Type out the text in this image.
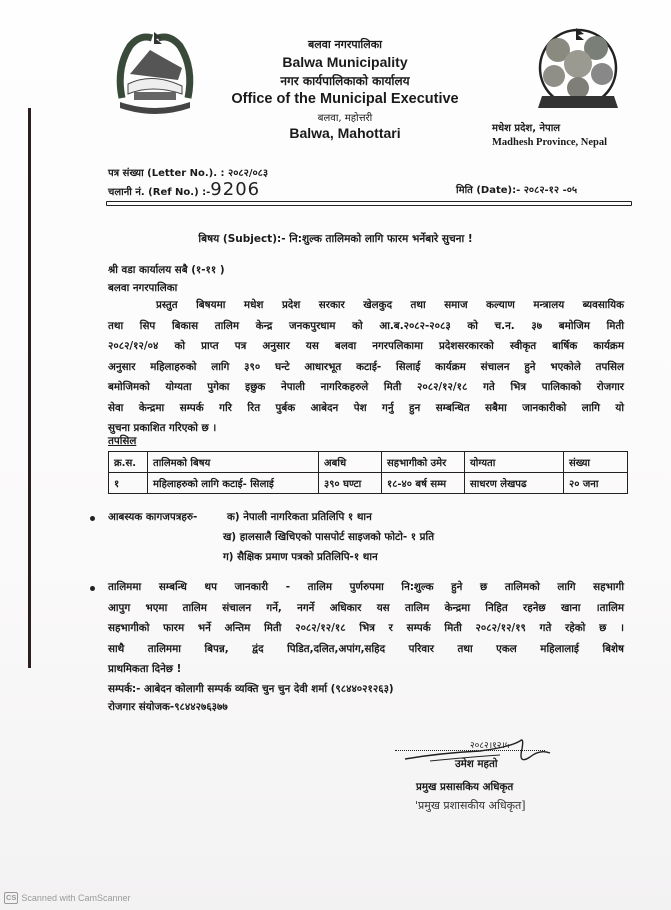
बलवा नगरपालिका
Balwa Municipality
नगर कार्यपालिकाको कार्यालय
Office of the Municipal Executive
बलवा, महोत्तरी
Balwa, Mahottari	मधेश प्रदेश, नेपाल
Madhesh Province, Nepal
पत्र संख्या (Letter No.). : २०८२/०८३
चलानी नं. (Ref No.) :-9206	मिति (Date):- २०८२-१२ -०५
बिषय (Subject):- नि:शुल्क तालिमको लागि फारम भर्नेबारे सुचना !
श्री वडा कार्यालय सबै (१-११ )
बलवा नगरपालिका
प्रस्तुत बिषयमा मधेश प्रदेश सरकार खेलकुद तथा समाज कल्याण मन्त्रालय ब्यवसायिक
तथा सिप बिकास तालिम केन्द्र जनकपुरधाम को आ.ब.२०८२-२०८३ को च.न. ३७ बमोजिम मिती
२०८२/१२/०४ को प्राप्त पत्र अनुसार यस बलवा नगरपलिकामा प्रदेशसरकारको स्वीकृत बार्षिक कार्यक्रम
अनुसार महिलाहरुको लागि ३९० घन्टे आधारभूत कटाई- सिलाई कार्यक्रम संचालन हुने भएकोले तपसिल
बमोजिमको योग्यता पुगेका इछुक नेपाली नागरिकहरुले मिती २०८२/१२/१८ गते भित्र पालिकाको रोजगार
सेवा केन्द्रमा सम्पर्क गरि रित पुर्बक आबेदन पेश गर्नु हुन सम्बन्धित सबैमा जानकारीको लागि यो
सुचना प्रकाशित गरिएको छ ।
तपसिल
क्र.स.	तालिमको बिषय	अबधि	सहभागीको उमेर	योग्यता	संख्या
१	महिलाहरुको लागि कटाई- सिलाई	३९० घण्टा	१८-४० बर्ष सम्म	साधरण लेखपढ	२० जना
आबस्यक कागजपत्रहरु-	क) नेपाली नागरिकता प्रतिलिपि १ थान
ख) हालसालै खिचिएको पासपोर्ट साइजको फोटो- १ प्रति
ग) सैक्षिक प्रमाण पत्रको प्रतिलिपि-१ थान
तालिममा सम्बन्धि थप जानकारी - तालिम पुर्णरुपमा नि:शुल्क हुने छ तालिमको लागि सहभागी
आपुग भएमा तालिम संचालन गर्ने, नगर्ने अधिकार यस तालिम केन्द्रमा निहित रहनेछ खाना ।तालिम
सहभागीको फारम भर्ने अन्तिम मिती २०८२/१२/१८ भित्र र सम्पर्क मिती २०८२/१२/१९ गते रहेको छ ।
साथै तालिममा बिपन्न, द्वंद पिडित,दलित,अपांग,सहिद परिवार तथा एकल महिलालाई बिशेष
प्राथमिकता दिनेछ !
सम्पर्क:- आबेदन कोलागी सम्पर्क व्यक्ति चुन चुन देवी शर्मा (९८४४०२१२६३)
रोजगार संयोजक-९८४४२७६३७७
२०८२।१२।५
उमेश महतो
प्रमुख प्रसासकिय अधिकृत
'प्रमुख प्रशासकीय अधिकृत]
CS Scanned with CamScanner
